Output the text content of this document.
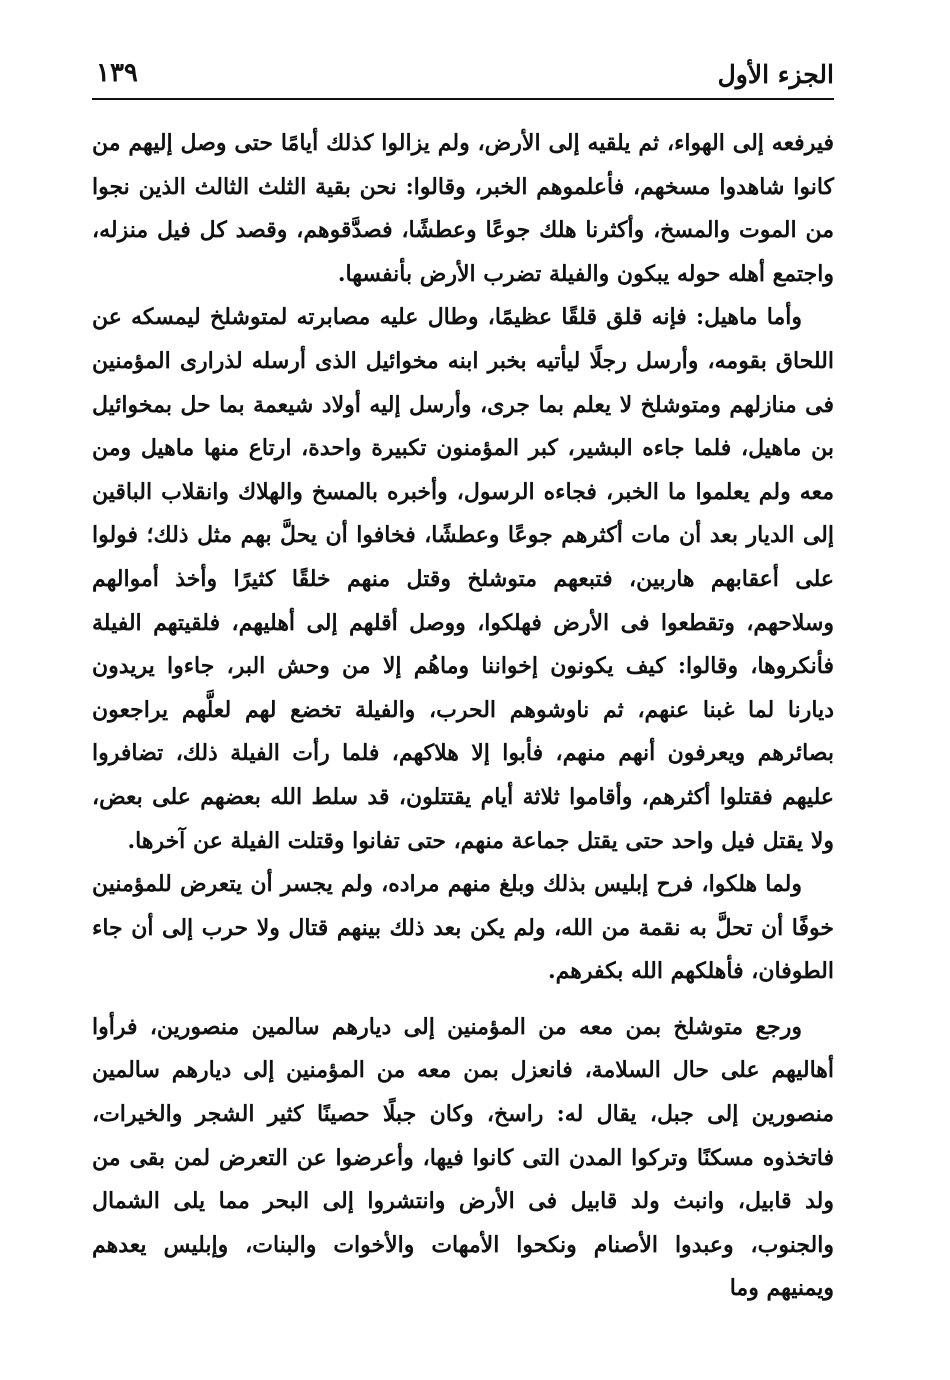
الجزء الأول
١٣٩

فيرفعه إلى الهواء، ثم يلقيه إلى الأرض، ولم يزالوا كذلك أيامًا حتى وصل إليهم من كانوا شاهدوا مسخهم، فأعلموهم الخبر، وقالوا: نحن بقية الثلث الثالث الذين نجوا من الموت والمسخ، وأكثرنا هلك جوعًا وعطشًا، فصدَّقوهم، وقصد كل فيل منزله، واجتمع أهله حوله يبكون والفيلة تضرب الأرض بأنفسها.

وأما ماهيل: فإنه قلق قلقًا عظيمًا، وطال عليه مصابرته لمتوشلخ ليمسكه عن اللحاق بقومه، وأرسل رجلًا ليأتيه بخبر ابنه مخوائيل الذى أرسله لذرارى المؤمنين فى منازلهم ومتوشلخ لا يعلم بما جرى، وأرسل إليه أولاد شيعمة بما حل بمخوائيل بن ماهيل، فلما جاءه البشير، كبر المؤمنون تكبيرة واحدة، ارتاع منها ماهيل ومن معه ولم يعلموا ما الخبر، فجاءه الرسول، وأخبره بالمسخ والهلاك وانقلاب الباقين إلى الديار بعد أن مات أكثرهم جوعًا وعطشًا، فخافوا أن يحلَّ بهم مثل ذلك؛ فولوا على أعقابهم هاربين، فتبعهم متوشلخ وقتل منهم خلقًا كثيرًا وأخذ أموالهم وسلاحهم، وتقطعوا فى الأرض فهلكوا، ووصل أقلهم إلى أهليهم، فلقيتهم الفيلة فأنكروها، وقالوا: كيف يكونون إخواننا وماهُم إلا من وحش البر، جاءوا يريدون ديارنا لما غبنا عنهم، ثم ناوشوهم الحرب، والفيلة تخضع لهم لعلَّهم يراجعون بصائرهم ويعرفون أنهم منهم، فأبوا إلا هلاكهم، فلما رأت الفيلة ذلك، تضافروا عليهم فقتلوا أكثرهم، وأقاموا ثلاثة أيام يقتتلون، قد سلط الله بعضهم على بعض، ولا يقتل فيل واحد حتى يقتل جماعة منهم، حتى تفانوا وقتلت الفيلة عن آخرها.

ولما هلكوا، فرح إبليس بذلك وبلغ منهم مراده، ولم يجسر أن يتعرض للمؤمنين خوفًا أن تحلَّ به نقمة من الله، ولم يكن بعد ذلك بينهم قتال ولا حرب إلى أن جاء الطوفان، فأهلكهم الله بكفرهم.

ورجع متوشلخ بمن معه من المؤمنين إلى ديارهم سالمين منصورين، فرأوا أهاليهم على حال السلامة، فانعزل بمن معه من المؤمنين إلى ديارهم سالمين منصورين إلى جبل، يقال له: راسخ، وكان جبلًا حصينًا كثير الشجر والخيرات، فاتخذوه مسكنًا وتركوا المدن التى كانوا فيها، وأعرضوا عن التعرض لمن بقى من ولد قابيل، وانبث ولد قابيل فى الأرض وانتشروا إلى البحر مما يلى الشمال والجنوب، وعبدوا الأصنام ونكحوا الأمهات والأخوات والبنات، وإبليس يعدهم ويمنيهم وما
